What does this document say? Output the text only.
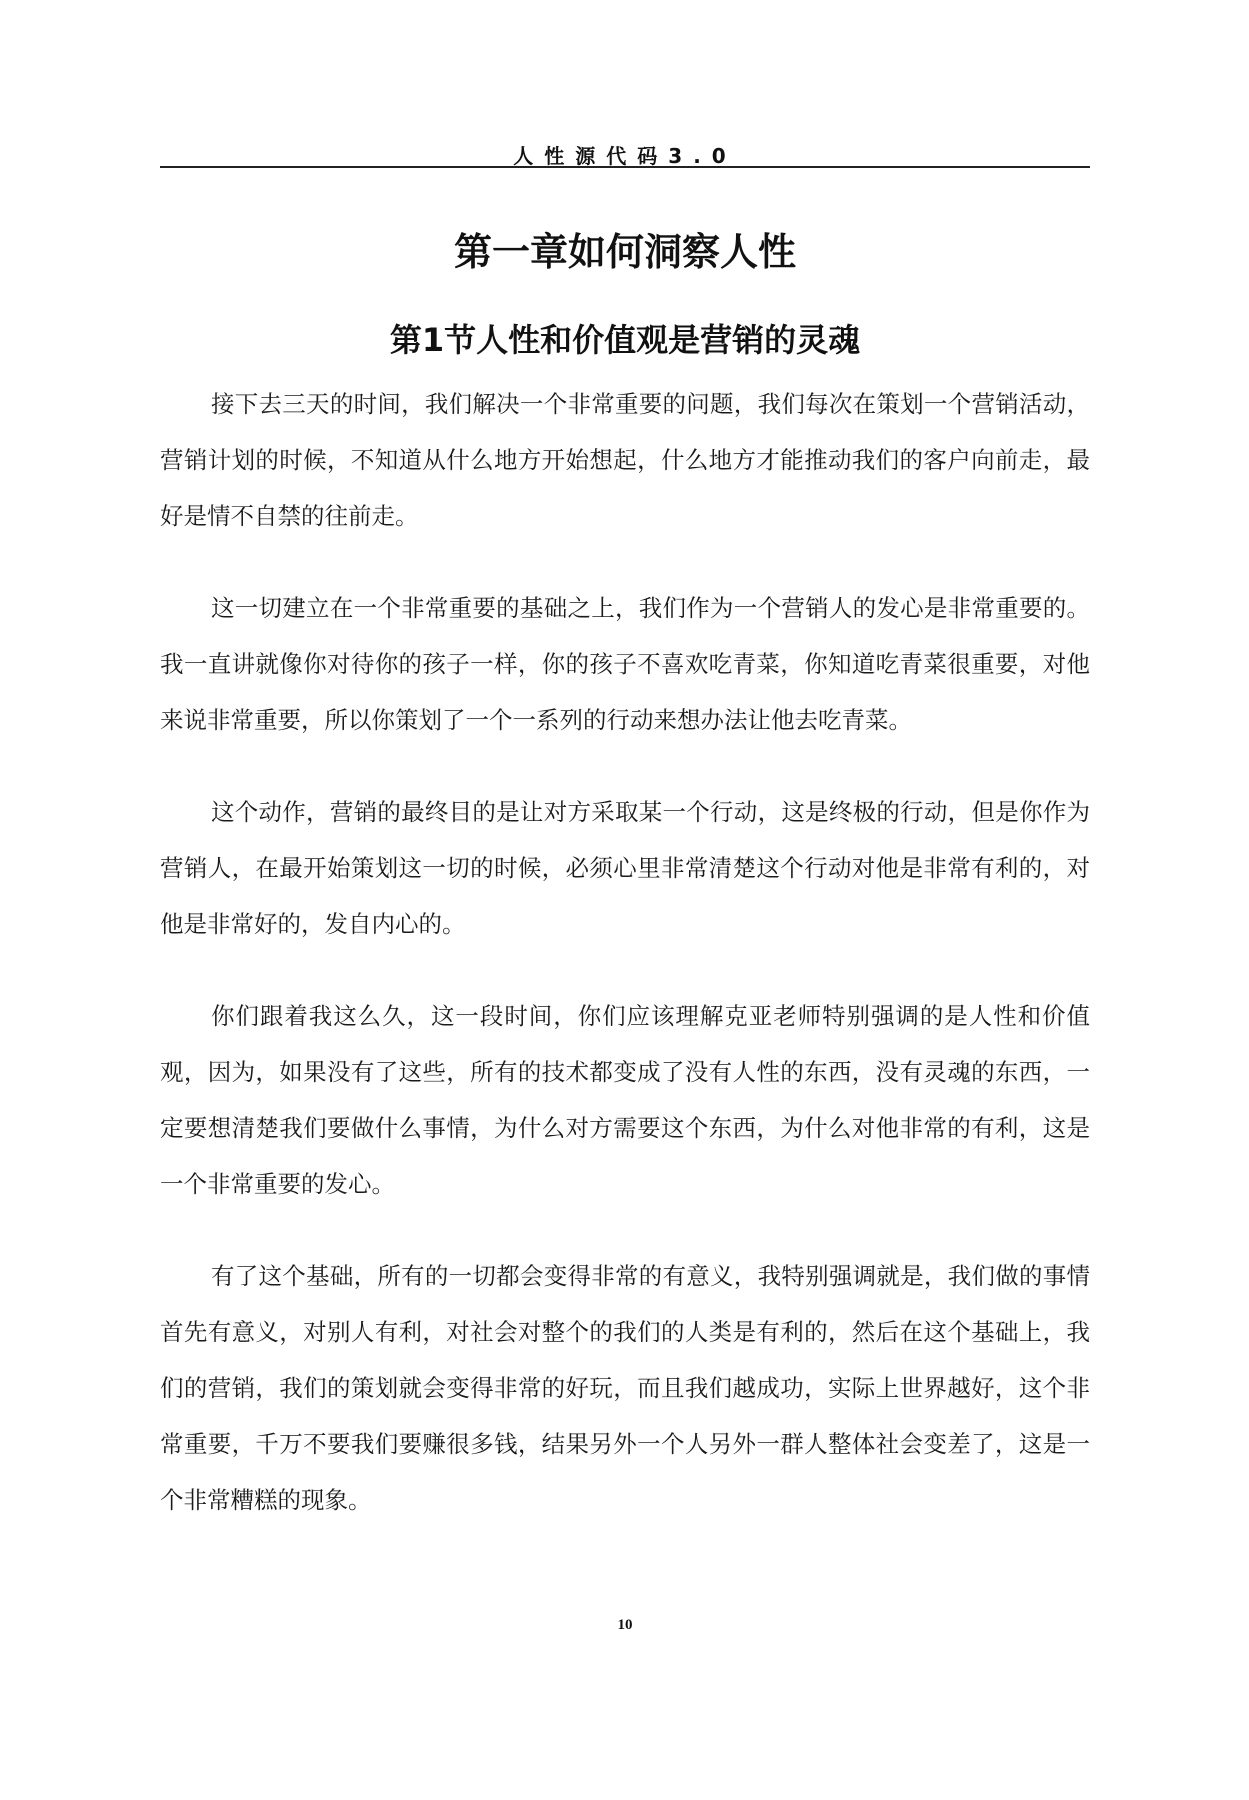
人性源代码3.0
第一章如何洞察人性
第1节人性和价值观是营销的灵魂

接下去三天的时间，我们解决一个非常重要的问题，我们每次在策划一个营销活动，营销计划的时候，不知道从什么地方开始想起，什么地方才能推动我们的客户向前走，最好是情不自禁的往前走。

这一切建立在一个非常重要的基础之上，我们作为一个营销人的发心是非常重要的。我一直讲就像你对待你的孩子一样，你的孩子不喜欢吃青菜，你知道吃青菜很重要，对他来说非常重要，所以你策划了一个一系列的行动来想办法让他去吃青菜。

这个动作，营销的最终目的是让对方采取某一个行动，这是终极的行动，但是你作为营销人，在最开始策划这一切的时候，必须心里非常清楚这个行动对他是非常有利的，对他是非常好的，发自内心的。

你们跟着我这么久，这一段时间，你们应该理解克亚老师特别强调的是人性和价值观，因为，如果没有了这些，所有的技术都变成了没有人性的东西，没有灵魂的东西，一定要想清楚我们要做什么事情，为什么对方需要这个东西，为什么对他非常的有利，这是一个非常重要的发心。

有了这个基础，所有的一切都会变得非常的有意义，我特别强调就是，我们做的事情首先有意义，对别人有利，对社会对整个的我们的人类是有利的，然后在这个基础上，我们的营销，我们的策划就会变得非常的好玩，而且我们越成功，实际上世界越好，这个非常重要，千万不要我们要赚很多钱，结果另外一个人另外一群人整体社会变差了，这是一个非常糟糕的现象。

10
